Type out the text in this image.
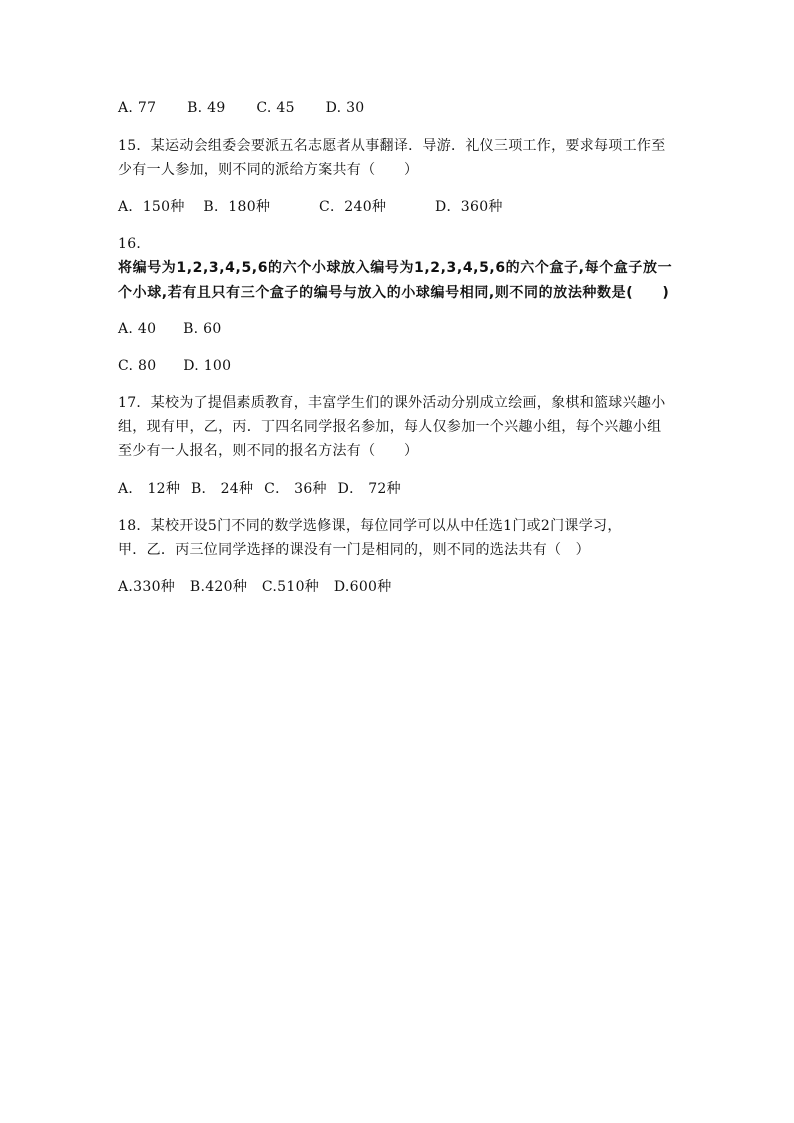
A. 77 B. 49 C. 45 D. 30
15．某运动会组委会要派五名志愿者从事翻译．导游．礼仪三项工作，要求每项工作至
少有一人参加，则不同的派给方案共有（　　）
A．150种 B．180种	C．240种	D．360种
16．
将编号为1,2,3,4,5,6的六个小球放入编号为1,2,3,4,5,6的六个盒子,每个盒子放一
个小球,若有且只有三个盒子的编号与放入的小球编号相同,则不同的放法种数是(　　)
A. 40 B. 60
C. 80 D. 100
17．某校为了提倡素质教育，丰富学生们的课外活动分别成立绘画，象棋和篮球兴趣小
组，现有甲，乙，丙．丁四名同学报名参加，每人仅参加一个兴趣小组，每个兴趣小组
至少有一人报名，则不同的报名方法有（　　）
A． 12种 B． 24种 C． 36种 D． 72种
18．某校开设5门不同的数学选修课，每位同学可以从中任选1门或2门课学习，
甲．乙．丙三位同学选择的课没有一门是相同的，则不同的选法共有（　）
A.330种 B.420种 C.510种 D.600种
